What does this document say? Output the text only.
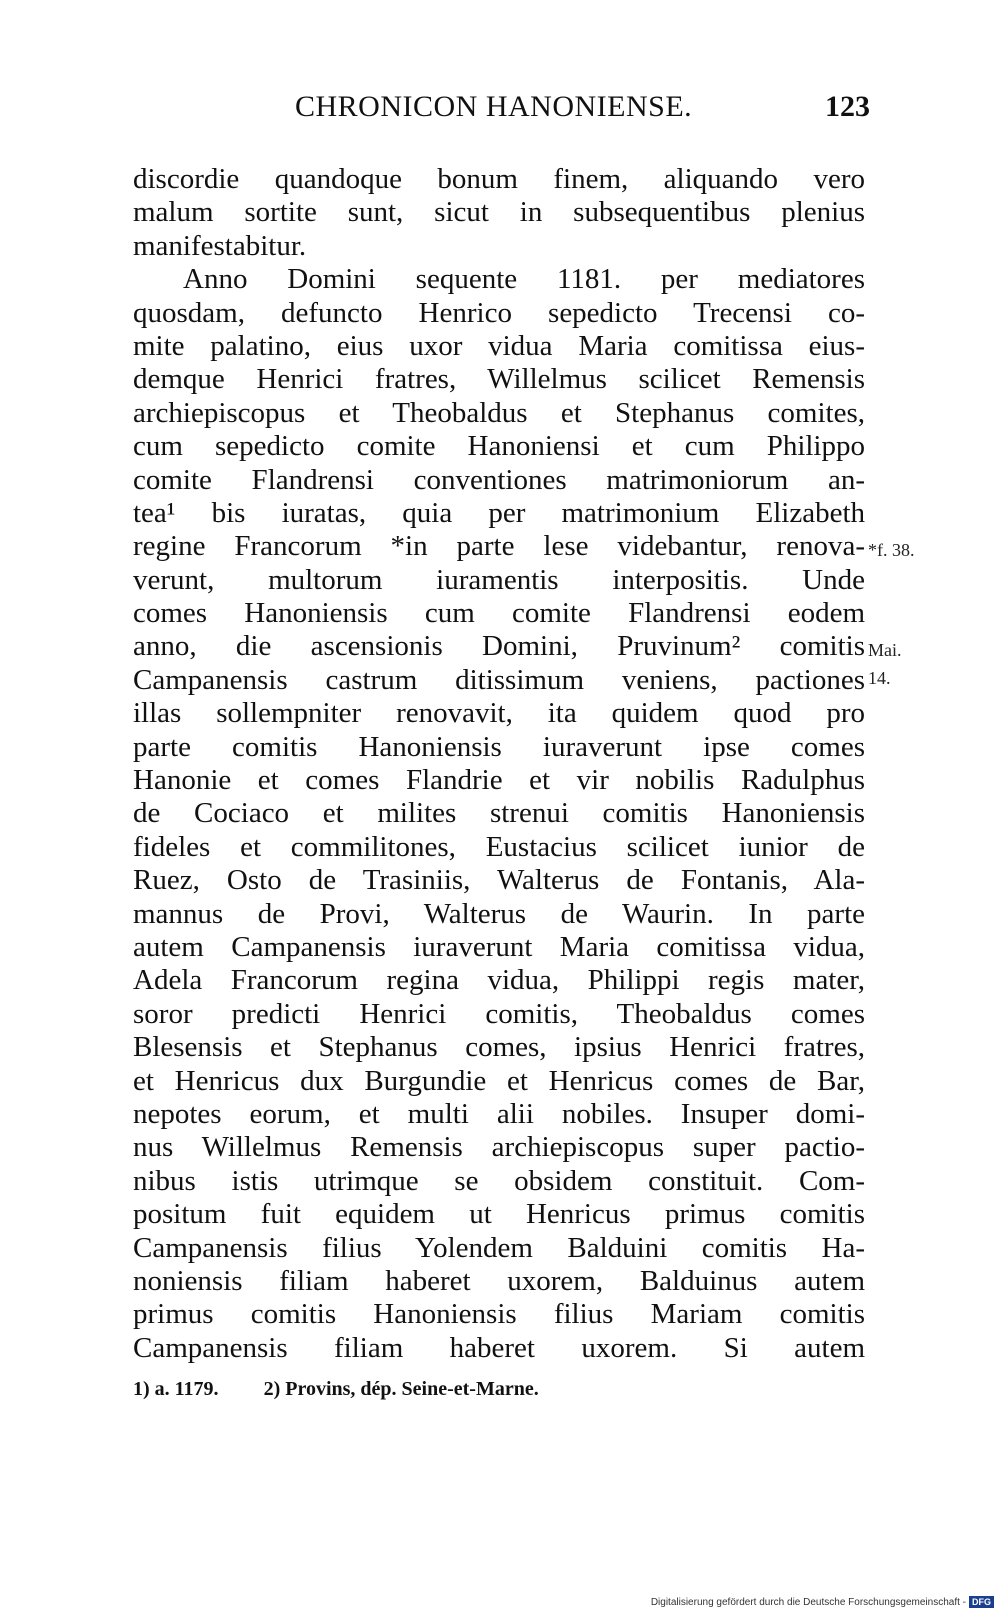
CHRONICON HANONIENSE.	123
discordie quandoque bonum finem, aliquando vero
malum sortite sunt, sicut in subsequentibus plenius
manifestabitur.
Anno Domini sequente 1181. per mediatores
quosdam, defuncto Henrico sepedicto Trecensi co-
mite palatino, eius uxor vidua Maria comitissa eius-
demque Henrici fratres, Willelmus scilicet Remensis
archiepiscopus et Theobaldus et Stephanus comites,
cum sepedicto comite Hanoniensi et cum Philippo
comite Flandrensi conventiones matrimoniorum an-
tea¹ bis iuratas, quia per matrimonium Elizabeth
regine Francorum *in parte lese videbantur, renova-
verunt, multorum iuramentis interpositis. Unde
comes Hanoniensis cum comite Flandrensi eodem
anno, die ascensionis Domini, Pruvinum² comitis
Campanensis castrum ditissimum veniens, pactiones
illas sollempniter renovavit, ita quidem quod pro
parte comitis Hanoniensis iuraverunt ipse comes
Hanonie et comes Flandrie et vir nobilis Radulphus
de Cociaco et milites strenui comitis Hanoniensis
fideles et commilitones, Eustacius scilicet iunior de
Ruez, Osto de Trasiniis, Walterus de Fontanis, Ala-
mannus de Provi, Walterus de Waurin. In parte
autem Campanensis iuraverunt Maria comitissa vidua,
Adela Francorum regina vidua, Philippi regis mater,
soror predicti Henrici comitis, Theobaldus comes
Blesensis et Stephanus comes, ipsius Henrici fratres,
et Henricus dux Burgundie et Henricus comes de Bar,
nepotes eorum, et multi alii nobiles. Insuper domi-
nus Willelmus Remensis archiepiscopus super pactio-
nibus istis utrimque se obsidem constituit. Com-
positum fuit equidem ut Henricus primus comitis
Campanensis filius Yolendem Balduini comitis Ha-
noniensis filiam haberet uxorem, Balduinus autem
primus comitis Hanoniensis filius Mariam comitis
Campanensis filiam haberet uxorem. Si autem
*f. 38.
Mai.
14.
1) a. 1179. 2) Provins, dép. Seine-et-Marne.
Digitalisierung gefördert durch die Deutsche Forschungsgemeinschaft - DFG
